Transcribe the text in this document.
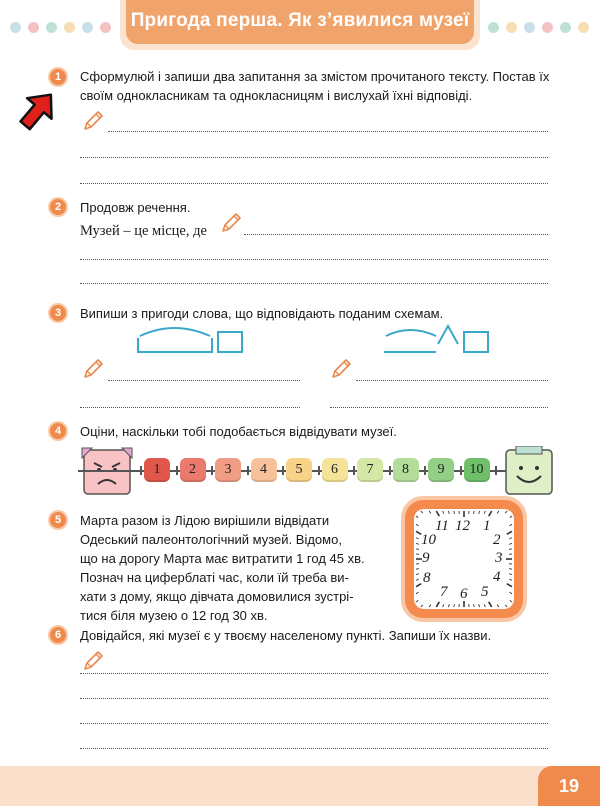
Пригода перша. Як з’явилися музеї
1	Сформулюй і запиши два запитання за змістом прочитаного тексту. Постав їх
своїм однокласникам та однокласницям і вислухай їхні відповіді.
2	Продовж речення.
Музей – це місце, де
3	Випиши з пригоди слова, що відповідають поданим схемам.
4	Оціни, наскільки тобі подобається відвідувати музеї.
1	2	3	4	5	6	7	8	9	10
5	Марта разом із Лідою вирішили відвідати
Одеський палеонтологічний музей. Відомо,
що на дорогу Марта має витратити 1 год 45 хв.
Познач на циферблаті час, коли їй треба ви-
хати з дому, якщо дівчата домовилися зустрі-
тися біля музею о 12 год 30 хв.
12 1
2
3
4
5
6
7
8
9
10
11
6	Довідайся, які музеї є у твоєму населеному пункті. Запиши їх назви.
19
